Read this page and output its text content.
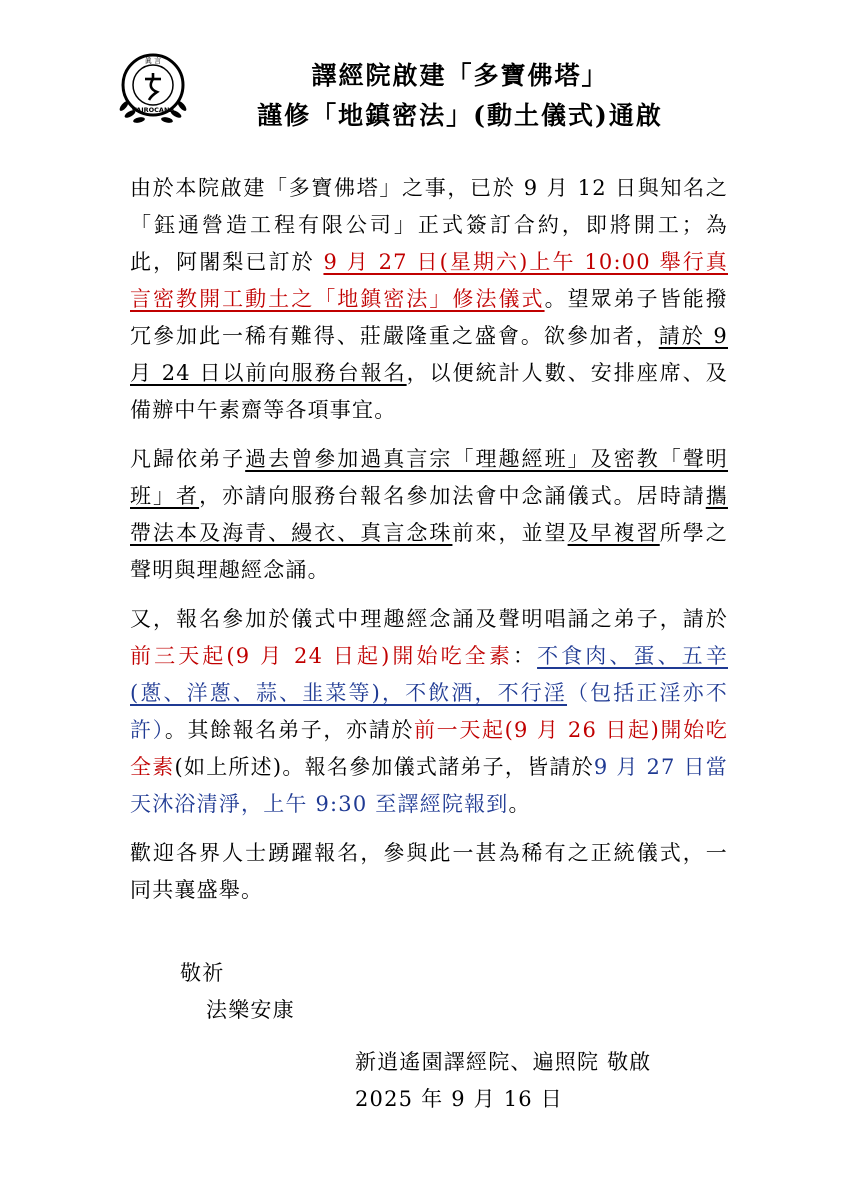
眞 言
VAIROCANA
譯經院啟建「多寶佛塔」
謹修「地鎮密法」(動土儀式)通啟

由於本院啟建「多寶佛塔」之事，已於 9 月 12 日與知名之「鈺通營造工程有限公司」正式簽訂合約，即將開工；為此，阿闍梨已訂於 9 月 27 日(星期六)上午 10:00 舉行真言密教開工動土之「地鎮密法」修法儀式。望眾弟子皆能撥冗參加此一稀有難得、莊嚴隆重之盛會。欲參加者，請於 9 月 24 日以前向服務台報名，以便統計人數、安排座席、及備辦中午素齋等各項事宜。

凡歸依弟子過去曾參加過真言宗「理趣經班」及密教「聲明班」者，亦請向服務台報名參加法會中念誦儀式。居時請攜帶法本及海青、縵衣、真言念珠前來，並望及早複習所學之聲明與理趣經念誦。

又，報名參加於儀式中理趣經念誦及聲明唱誦之弟子，請於前三天起(9 月 24 日起)開始吃全素：不食肉、蛋、五辛(蔥、洋蔥、蒜、韭菜等)，不飲酒，不行淫（包括正淫亦不許）。其餘報名弟子，亦請於前一天起(9 月 26 日起)開始吃全素(如上所述)。報名參加儀式諸弟子，皆請於9 月 27 日當天沐浴清淨，上午 9:30 至譯經院報到。

歡迎各界人士踴躍報名，參與此一甚為稀有之正統儀式，一同共襄盛舉。

敬祈
法樂安康
新逍遙園譯經院、遍照院 敬啟
2025 年 9 月 16 日
